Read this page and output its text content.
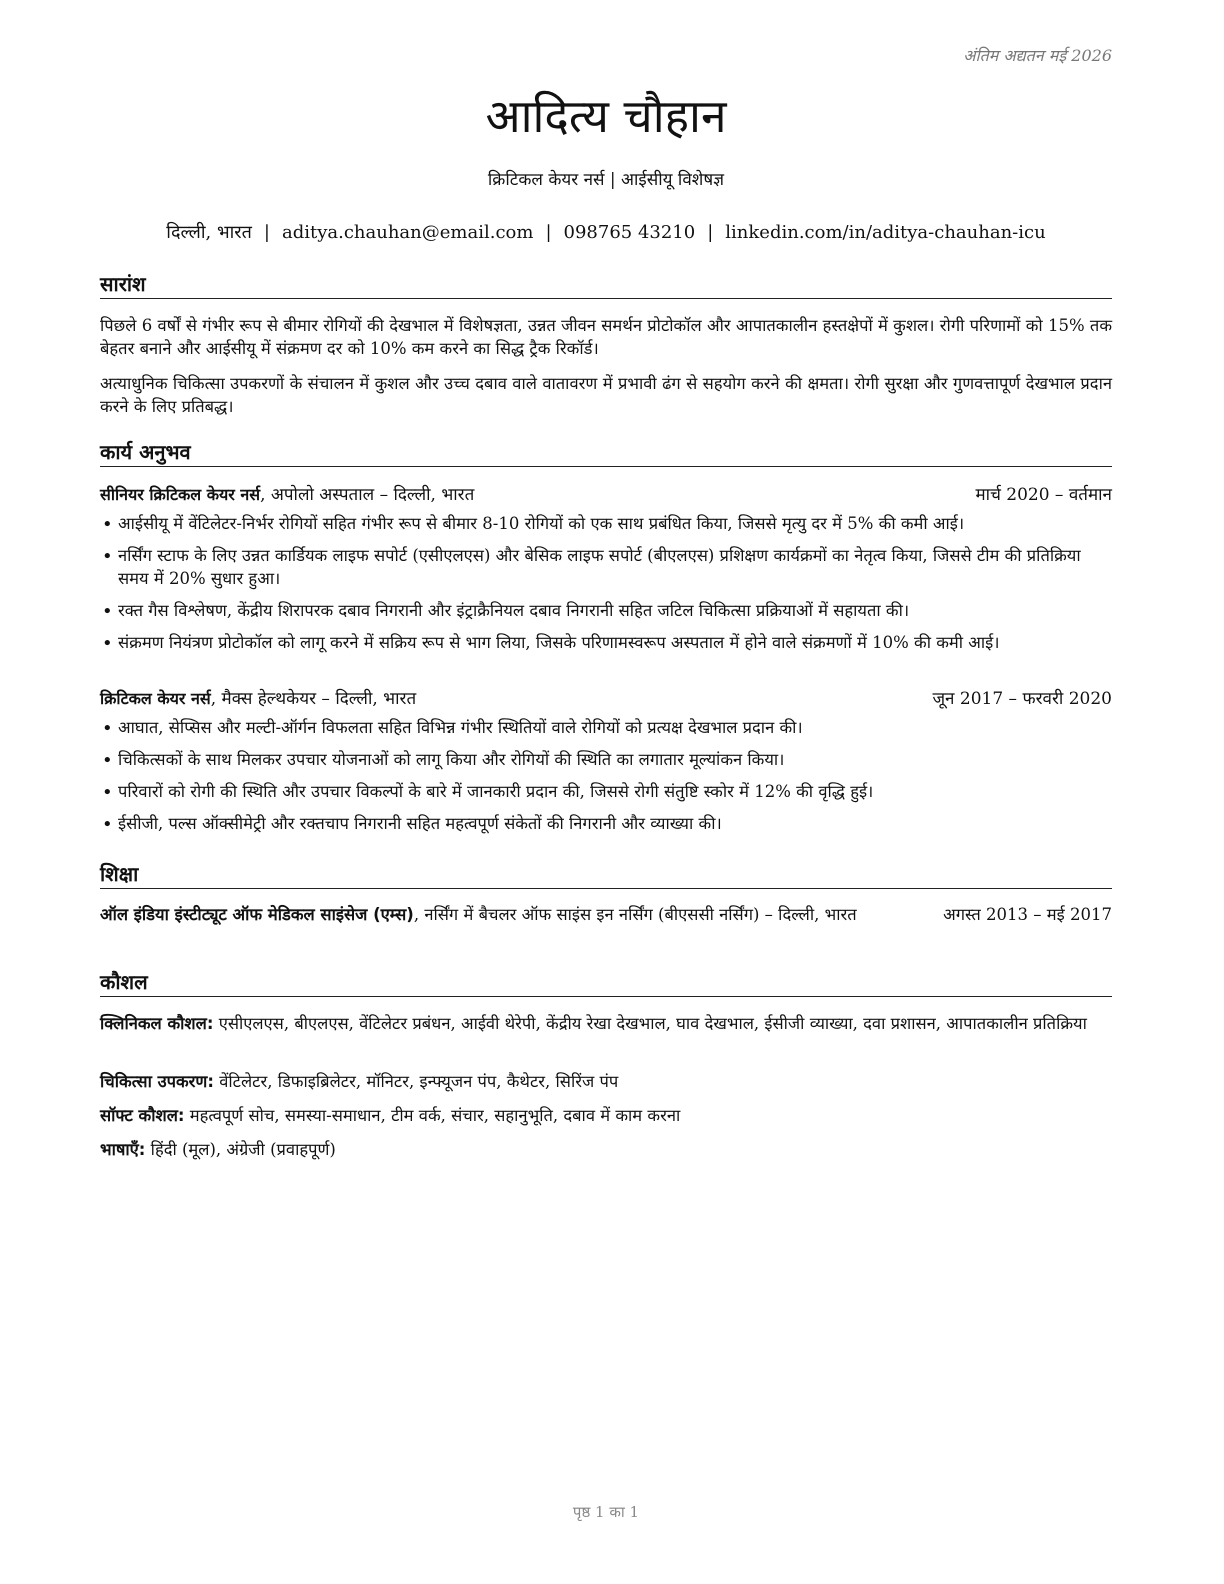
अंतिम अद्यतन मई 2026
आदित्य चौहान
क्रिटिकल केयर नर्स | आईसीयू विशेषज्ञ
दिल्ली, भारत | aditya.chauhan@email.com | 098765 43210 | linkedin.com/in/aditya-chauhan-icu
सारांश
पिछले 6 वर्षों से गंभीर रूप से बीमार रोगियों की देखभाल में विशेषज्ञता, उन्नत जीवन समर्थन प्रोटोकॉल और आपातकालीन हस्तक्षेपों में कुशल। रोगी परिणामों को 15% तक बेहतर बनाने और आईसीयू में संक्रमण दर को 10% कम करने का सिद्ध ट्रैक रिकॉर्ड।
अत्याधुनिक चिकित्सा उपकरणों के संचालन में कुशल और उच्च दबाव वाले वातावरण में प्रभावी ढंग से सहयोग करने की क्षमता। रोगी सुरक्षा और गुणवत्तापूर्ण देखभाल प्रदान करने के लिए प्रतिबद्ध।
कार्य अनुभव
सीनियर क्रिटिकल केयर नर्स, अपोलो अस्पताल – दिल्ली, भारत	मार्च 2020 – वर्तमान
• आईसीयू में वेंटिलेटर-निर्भर रोगियों सहित गंभीर रूप से बीमार 8-10 रोगियों को एक साथ प्रबंधित किया, जिससे मृत्यु दर में 5% की कमी आई।
• नर्सिंग स्टाफ के लिए उन्नत कार्डियक लाइफ सपोर्ट (एसीएलएस) और बेसिक लाइफ सपोर्ट (बीएलएस) प्रशिक्षण कार्यक्रमों का नेतृत्व किया, जिससे टीम की प्रतिक्रिया समय में 20% सुधार हुआ।
• रक्त गैस विश्लेषण, केंद्रीय शिरापरक दबाव निगरानी और इंट्राक्रैनियल दबाव निगरानी सहित जटिल चिकित्सा प्रक्रियाओं में सहायता की।
• संक्रमण नियंत्रण प्रोटोकॉल को लागू करने में सक्रिय रूप से भाग लिया, जिसके परिणामस्वरूप अस्पताल में होने वाले संक्रमणों में 10% की कमी आई।
क्रिटिकल केयर नर्स, मैक्स हेल्थकेयर – दिल्ली, भारत	जून 2017 – फरवरी 2020
• आघात, सेप्सिस और मल्टी-ऑर्गन विफलता सहित विभिन्न गंभीर स्थितियों वाले रोगियों को प्रत्यक्ष देखभाल प्रदान की।
• चिकित्सकों के साथ मिलकर उपचार योजनाओं को लागू किया और रोगियों की स्थिति का लगातार मूल्यांकन किया।
• परिवारों को रोगी की स्थिति और उपचार विकल्पों के बारे में जानकारी प्रदान की, जिससे रोगी संतुष्टि स्कोर में 12% की वृद्धि हुई।
• ईसीजी, पल्स ऑक्सीमेट्री और रक्तचाप निगरानी सहित महत्वपूर्ण संकेतों की निगरानी और व्याख्या की।
शिक्षा
ऑल इंडिया इंस्टीट्यूट ऑफ मेडिकल साइंसेज (एम्स), नर्सिंग में बैचलर ऑफ साइंस इन नर्सिंग (बीएससी नर्सिंग) – दिल्ली, भारत	अगस्त 2013 – मई 2017
कौशल
क्लिनिकल कौशल: एसीएलएस, बीएलएस, वेंटिलेटर प्रबंधन, आईवी थेरेपी, केंद्रीय रेखा देखभाल, घाव देखभाल, ईसीजी व्याख्या, दवा प्रशासन, आपातकालीन प्रतिक्रिया
चिकित्सा उपकरण: वेंटिलेटर, डिफाइब्रिलेटर, मॉनिटर, इन्फ्यूजन पंप, कैथेटर, सिरिंज पंप
सॉफ्ट कौशल: महत्वपूर्ण सोच, समस्या-समाधान, टीम वर्क, संचार, सहानुभूति, दबाव में काम करना
भाषाएँ: हिंदी (मूल), अंग्रेजी (प्रवाहपूर्ण)
पृष्ठ 1 का 1
